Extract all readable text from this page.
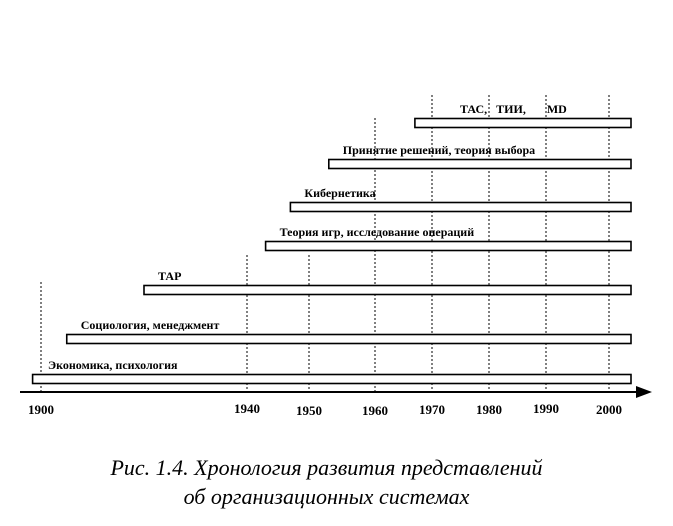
ТАС,   ТИИ,       MD
Принятие решений, теория выбора
Кибернетика
Теория игр, исследование операций
ТАР
Социология, менеджмент
Экономика, психология
1900	1940	1950	1960 1970 1980 1990	2000
Рис. 1.4. Хронология развития представлений
об организационных системах
